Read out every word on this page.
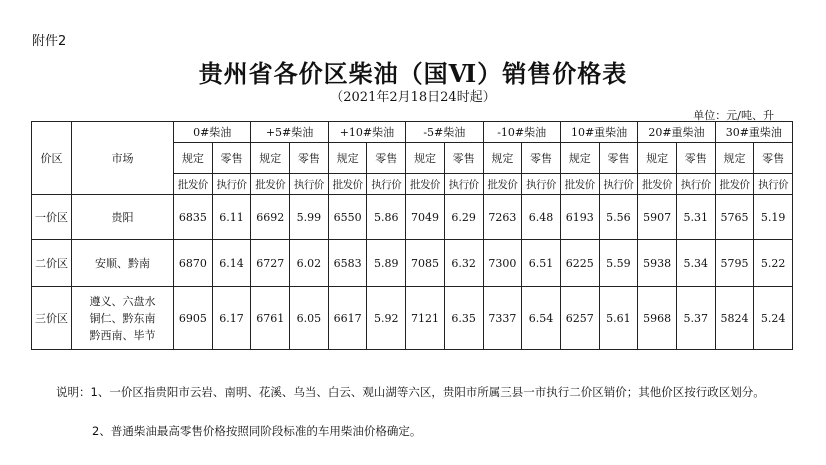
附件2
贵州省各价区柴油（国Ⅵ）销售价格表
（2021年2月18日24时起）
单位：元/吨、升
价区	市场	0#柴油		+5#柴油		+10#柴油		-5#柴油		-10#柴油		10#重柴油		20#重柴油		30#重柴油	
		规定	零售	规定	零售	规定	零售	规定	零售	规定	零售	规定	零售	规定	零售	规定	零售
		批发价	执行价	批发价	执行价	批发价	执行价	批发价	执行价	批发价	执行价	批发价	执行价	批发价	执行价	批发价	执行价
一价区	贵阳	6835	6.11	6692	5.99	6550	5.86	7049	6.29	7263	6.48	6193	5.56	5907	5.31	5765	5.19
二价区	安顺、黔南	6870	6.14	6727	6.02	6583	5.89	7085	6.32	7300	6.51	6225	5.59	5938	5.34	5795	5.22
三价区	遵义、六盘水
铜仁、黔东南
黔西南、毕节	6905	6.17	6761	6.05	6617	5.92	7121	6.35	7337	6.54	6257	5.61	5968	5.37	5824	5.24
说明：1、一价区指贵阳市云岩、南明、花溪、乌当、白云、观山湖等六区，贵阳市所属三县一市执行二价区销价；其他价区按行政区划分。
2、普通柴油最高零售价格按照同阶段标准的车用柴油价格确定。
